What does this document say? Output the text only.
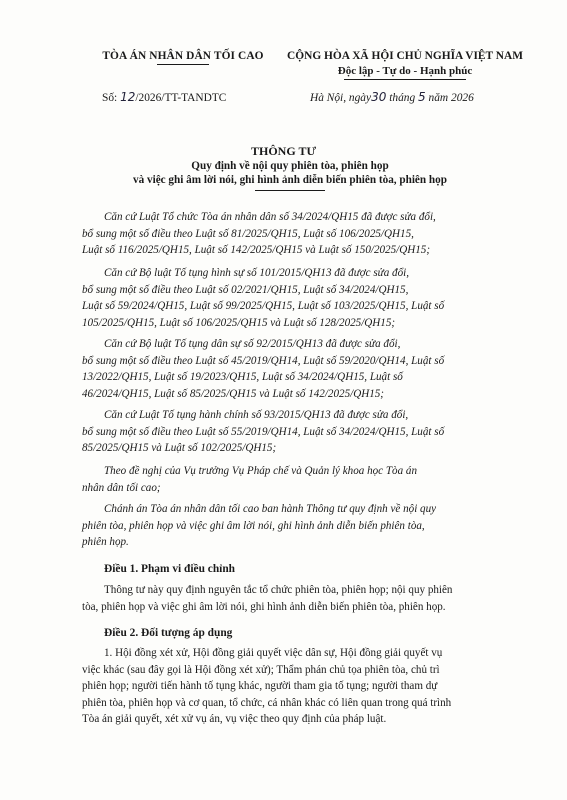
TÒA ÁN NHÂN DÂN TỐI CAO	CỘNG HÒA XÃ HỘI CHỦ NGHĨA VIỆT NAM
Độc lập - Tự do - Hạnh phúc
Số: 12/2026/TT-TANDTC	Hà Nội, ngày30 tháng 5 năm 2026
THÔNG TƯ
Quy định về nội quy phiên tòa, phiên họp
và việc ghi âm lời nói, ghi hình ảnh diễn biến phiên tòa, phiên họp
Căn cứ Luật Tổ chức Tòa án nhân dân số 34/2024/QH15 đã được sửa đổi,
bổ sung một số điều theo Luật số 81/2025/QH15, Luật số 106/2025/QH15,
Luật số 116/2025/QH15, Luật số 142/2025/QH15 và Luật số 150/2025/QH15;
Căn cứ Bộ luật Tố tụng hình sự số 101/2015/QH13 đã được sửa đổi,
bổ sung một số điều theo Luật số 02/2021/QH15, Luật số 34/2024/QH15,
Luật số 59/2024/QH15, Luật số 99/2025/QH15, Luật số 103/2025/QH15, Luật số
105/2025/QH15, Luật số 106/2025/QH15 và Luật số 128/2025/QH15;
Căn cứ Bộ luật Tố tụng dân sự số 92/2015/QH13 đã được sửa đổi,
bổ sung một số điều theo Luật số 45/2019/QH14, Luật số 59/2020/QH14, Luật số
13/2022/QH15, Luật số 19/2023/QH15, Luật số 34/2024/QH15, Luật số
46/2024/QH15, Luật số 85/2025/QH15 và Luật số 142/2025/QH15;
Căn cứ Luật Tố tụng hành chính số 93/2015/QH13 đã được sửa đổi,
bổ sung một số điều theo Luật số 55/2019/QH14, Luật số 34/2024/QH15, Luật số
85/2025/QH15 và Luật số 102/2025/QH15;
Theo đề nghị của Vụ trưởng Vụ Pháp chế và Quản lý khoa học Tòa án
nhân dân tối cao;
Chánh án Tòa án nhân dân tối cao ban hành Thông tư quy định về nội quy
phiên tòa, phiên họp và việc ghi âm lời nói, ghi hình ảnh diễn biến phiên tòa,
phiên họp.
Điều 1. Phạm vi điều chỉnh
Thông tư này quy định nguyên tắc tổ chức phiên tòa, phiên họp; nội quy phiên
tòa, phiên họp và việc ghi âm lời nói, ghi hình ảnh diễn biến phiên tòa, phiên họp.
Điều 2. Đối tượng áp dụng
1. Hội đồng xét xử, Hội đồng giải quyết việc dân sự, Hội đồng giải quyết vụ
việc khác (sau đây gọi là Hội đồng xét xử); Thẩm phán chủ tọa phiên tòa, chủ trì
phiên họp; người tiến hành tố tụng khác, người tham gia tố tụng; người tham dự
phiên tòa, phiên họp và cơ quan, tổ chức, cá nhân khác có liên quan trong quá trình
Tòa án giải quyết, xét xử vụ án, vụ việc theo quy định của pháp luật.
